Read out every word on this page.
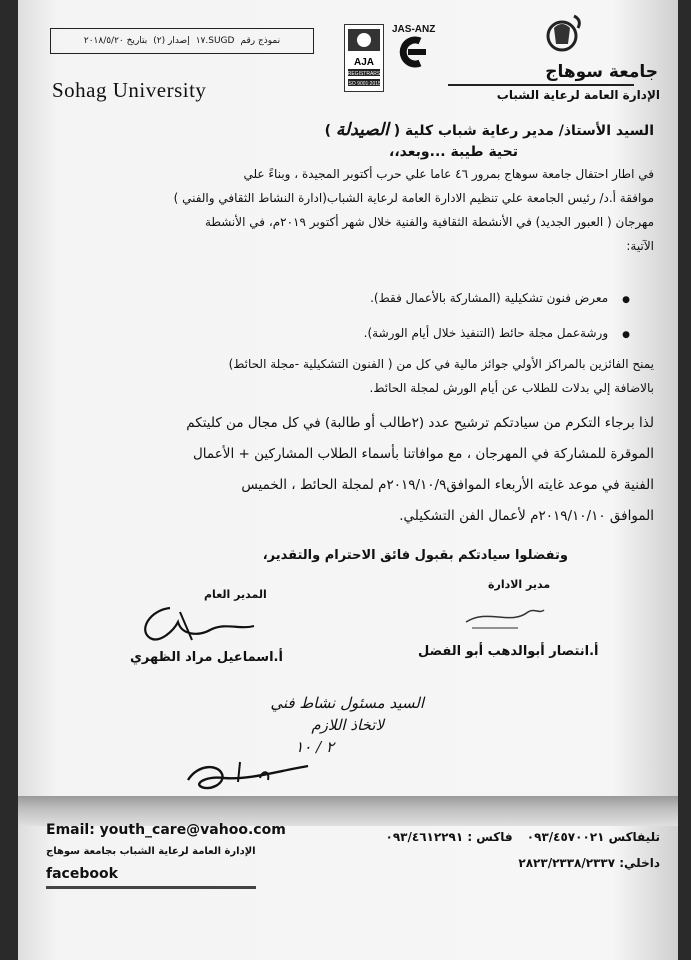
نموذج رقم
SUGD.١٧
إصدار (٢)
بتاريخ ٢٠١٨/٥/٢٠
AJA
REGISTRARS
ISO 9001:2015
JAS-ANZ
Sohag University
جامعة سوهاج
الإدارة العامة لرعاية الشباب
السيد الأستاذ/ مدير رعاية شباب كلية ( الصيدلة )
تحية طيبة ...وبعد،،
في اطار احتفال جامعة سوهاج بمرور ٤٦ عاما علي حرب أكتوبر المجيدة ، وبناءً علي
موافقة أ.د/ رئيس الجامعة علي تنظيم الادارة العامة لرعاية الشباب(ادارة النشاط الثقافي والفني )
مهرجان ( العبور الجديد) في الأنشطة الثقافية والفنية خلال شهر أكتوبر ٢٠١٩م، في الأنشطة
الآتية:
● معرض فنون تشكيلية (المشاركة بالأعمال فقط).
● ورشةعمل مجلة حائط (التنفيذ خلال أيام الورشة).
يمنح الفائزين بالمراكز الأولي جوائز مالية في كل من ( الفنون التشكيلية -مجلة الحائط)
بالاضافة إلي بدلات للطلاب عن أيام الورش لمجلة الحائط.
لذا برجاء التكرم من سيادتكم ترشيح عدد (٢طالب أو طالبة) في كل مجال من كليتكم
الموقرة للمشاركة في المهرجان ، مع موافاتنا بأسماء الطلاب المشاركين + الأعمال
الفنية في موعد غايته الأربعاء الموافق٢٠١٩/١٠/٩م لمجلة الحائط ، الخميس
الموافق ٢٠١٩/١٠/١٠م لأعمال الفن التشكيلي.
وتفضلوا سيادتكم بقبول فائق الاحترام والتقدير،
المدير العام
مدير الادارة
أ.اسماعيل مراد الظهري	أ.انتصار أبوالدهب أبو الفضل
السيد مسئول نشاط فني
لاتخاذ اللازم
٢ / ١٠
Email: youth_care@vahoo.com
الإدارة العامة لرعاية الشباب بجامعة سوهاج
facebook
تليفاكس ٠٩٣/٤٥٧٠٠٢١ فاكس : ٠٩٣/٤٦١٢٢٩١
داخلي: ٢٨٢٣/٢٣٣٨/٢٣٣٧
